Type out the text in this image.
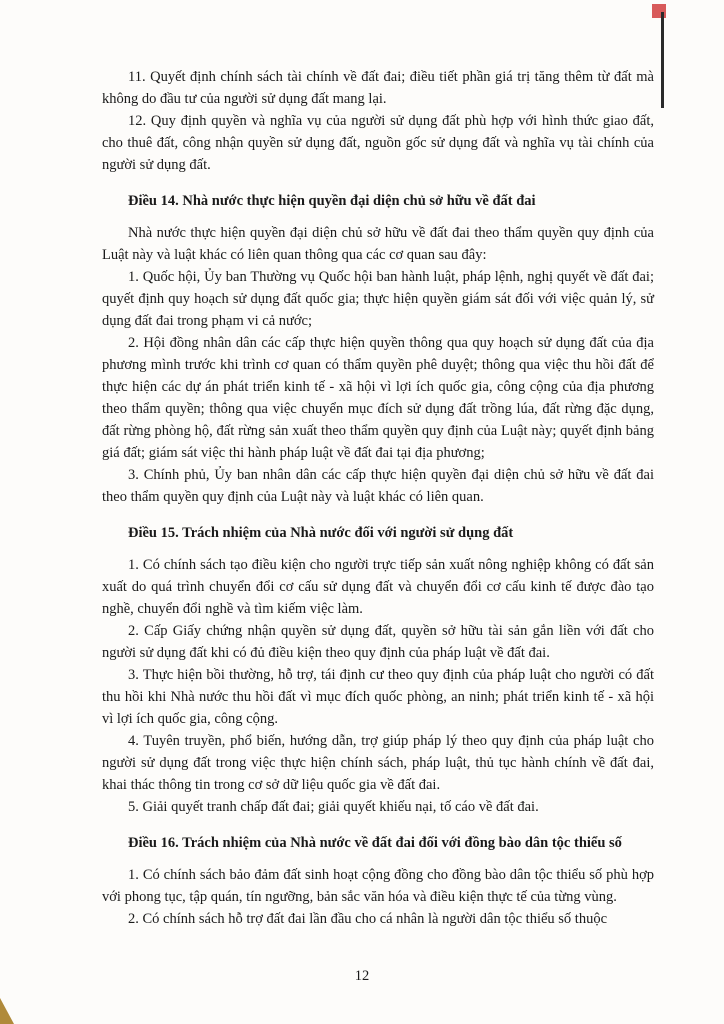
11. Quyết định chính sách tài chính về đất đai; điều tiết phần giá trị tăng thêm từ đất mà không do đầu tư của người sử dụng đất mang lại.

12. Quy định quyền và nghĩa vụ của người sử dụng đất phù hợp với hình thức giao đất, cho thuê đất, công nhận quyền sử dụng đất, nguồn gốc sử dụng đất và nghĩa vụ tài chính của người sử dụng đất.

Điều 14. Nhà nước thực hiện quyền đại diện chủ sở hữu về đất đai

Nhà nước thực hiện quyền đại diện chủ sở hữu về đất đai theo thẩm quyền quy định của Luật này và luật khác có liên quan thông qua các cơ quan sau đây:

1. Quốc hội, Ủy ban Thường vụ Quốc hội ban hành luật, pháp lệnh, nghị quyết về đất đai; quyết định quy hoạch sử dụng đất quốc gia; thực hiện quyền giám sát đối với việc quản lý, sử dụng đất đai trong phạm vi cả nước;

2. Hội đồng nhân dân các cấp thực hiện quyền thông qua quy hoạch sử dụng đất của địa phương mình trước khi trình cơ quan có thẩm quyền phê duyệt; thông qua việc thu hồi đất để thực hiện các dự án phát triển kinh tế - xã hội vì lợi ích quốc gia, công cộng của địa phương theo thẩm quyền; thông qua việc chuyển mục đích sử dụng đất trồng lúa, đất rừng đặc dụng, đất rừng phòng hộ, đất rừng sản xuất theo thẩm quyền quy định của Luật này; quyết định bảng giá đất; giám sát việc thi hành pháp luật về đất đai tại địa phương;

3. Chính phủ, Ủy ban nhân dân các cấp thực hiện quyền đại diện chủ sở hữu về đất đai theo thẩm quyền quy định của Luật này và luật khác có liên quan.

Điều 15. Trách nhiệm của Nhà nước đối với người sử dụng đất

1. Có chính sách tạo điều kiện cho người trực tiếp sản xuất nông nghiệp không có đất sản xuất do quá trình chuyển đổi cơ cấu sử dụng đất và chuyển đổi cơ cấu kinh tế được đào tạo nghề, chuyển đổi nghề và tìm kiếm việc làm.

2. Cấp Giấy chứng nhận quyền sử dụng đất, quyền sở hữu tài sản gắn liền với đất cho người sử dụng đất khi có đủ điều kiện theo quy định của pháp luật về đất đai.

3. Thực hiện bồi thường, hỗ trợ, tái định cư theo quy định của pháp luật cho người có đất thu hồi khi Nhà nước thu hồi đất vì mục đích quốc phòng, an ninh; phát triển kinh tế - xã hội vì lợi ích quốc gia, công cộng.

4. Tuyên truyền, phổ biến, hướng dẫn, trợ giúp pháp lý theo quy định của pháp luật cho người sử dụng đất trong việc thực hiện chính sách, pháp luật, thủ tục hành chính về đất đai, khai thác thông tin trong cơ sở dữ liệu quốc gia về đất đai.

5. Giải quyết tranh chấp đất đai; giải quyết khiếu nại, tố cáo về đất đai.

Điều 16. Trách nhiệm của Nhà nước về đất đai đối với đồng bào dân tộc thiểu số

1. Có chính sách bảo đảm đất sinh hoạt cộng đồng cho đồng bào dân tộc thiểu số phù hợp với phong tục, tập quán, tín ngưỡng, bản sắc văn hóa và điều kiện thực tế của từng vùng.

2. Có chính sách hỗ trợ đất đai lần đầu cho cá nhân là người dân tộc thiểu số thuộc

12
